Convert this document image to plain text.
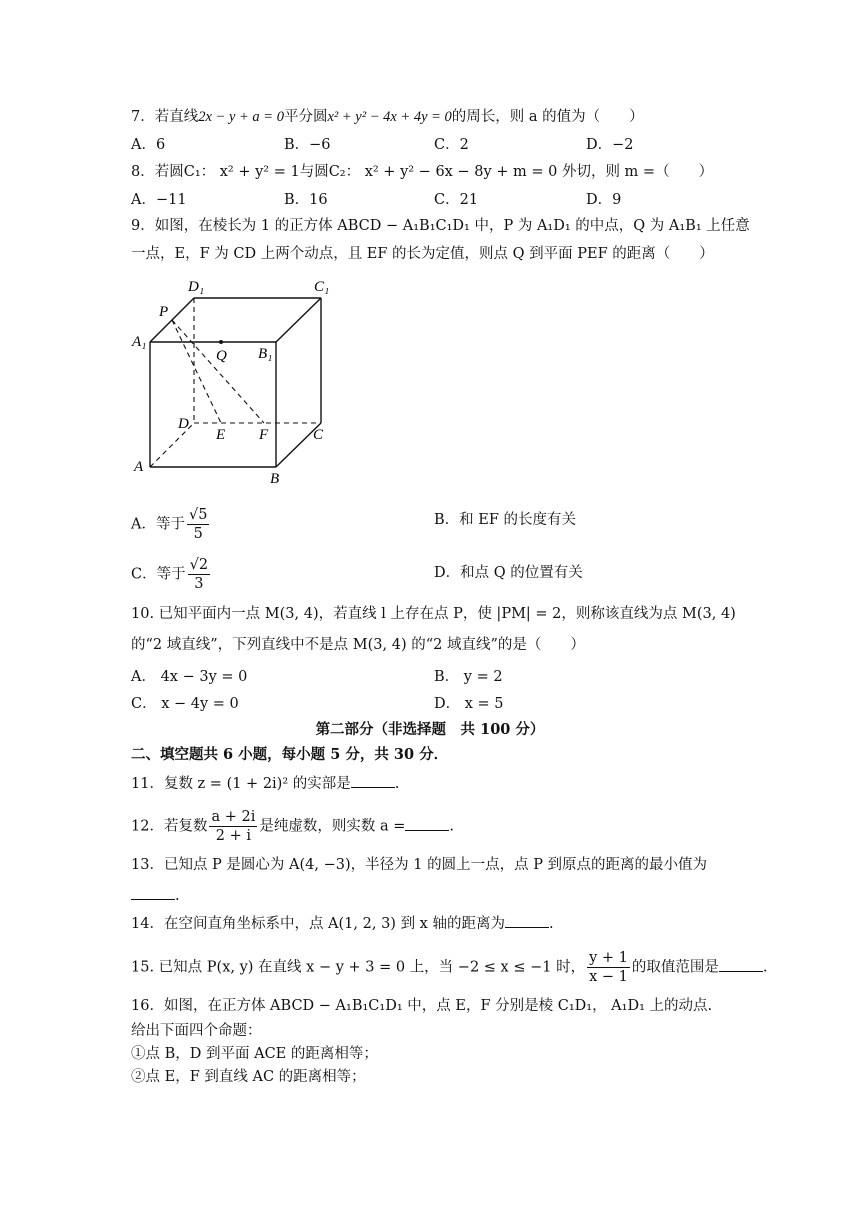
7．若直线2x − y + a = 0平分圆x² + y² − 4x + 4y = 0的周长，则 a 的值为（　　）
A．6	B．−6	C．2	D．−2
8．若圆C₁： x² + y² = 1与圆C₂： x² + y² − 6x − 8y + m = 0 外切，则 m =（　　）
A．−11	B．16	C．21	D．9
9．如图，在棱长为 1 的正方体 ABCD − A₁B₁C₁D₁ 中，P 为 A₁D₁ 的中点，Q 为 A₁B₁ 上任意
一点，E，F 为 CD 上两个动点，且 EF 的长为定值，则点 Q 到平面 PEF 的距离（　　）
D₁	C₁
P
A₁
Q B₁
D
E F	C
A
B
A．等于 $\frac{√5}{5}$	B．和 EF 的长度有关
C．等于 $\frac{√2}{3}$	D．和点 Q 的位置有关
10. 已知平面内一点 M(3, 4)，若直线 l 上存在点 P，使 |PM| = 2，则称该直线为点 M(3, 4)
的“2 域直线”，下列直线中不是点 M(3, 4) 的“2 域直线”的是（　　）
A． 4x − 3y = 0	B． y = 2
C． x − 4y = 0	D． x = 5
第二部分（非选择题　共 100 分）
二、填空题共 6 小题，每小题 5 分，共 30 分．
11．复数 z = (1 + 2i)² 的实部是	.
12．若复数 $\frac{a + 2i}{2 + i}$ 是纯虚数，则实数 a =	.
13．已知点 P 是圆心为 A(4, −3)，半径为 1 的圆上一点，点 P 到原点的距离的最小值为
.
14．在空间直角坐标系中，点 A(1, 2, 3) 到 x 轴的距离为	.
15. 已知点 P(x, y) 在直线 x − y + 3 = 0 上，当 −2 ≤ x ≤ −1 时， $\frac{y + 1}{x - 1}$ 的取值范围是	.
16．如图，在正方体 ABCD − A₁B₁C₁D₁ 中，点 E，F 分别是棱 C₁D₁， A₁D₁ 上的动点.
给出下面四个命题：
①点 B，D 到平面 ACE 的距离相等；
②点 E，F 到直线 AC 的距离相等；
